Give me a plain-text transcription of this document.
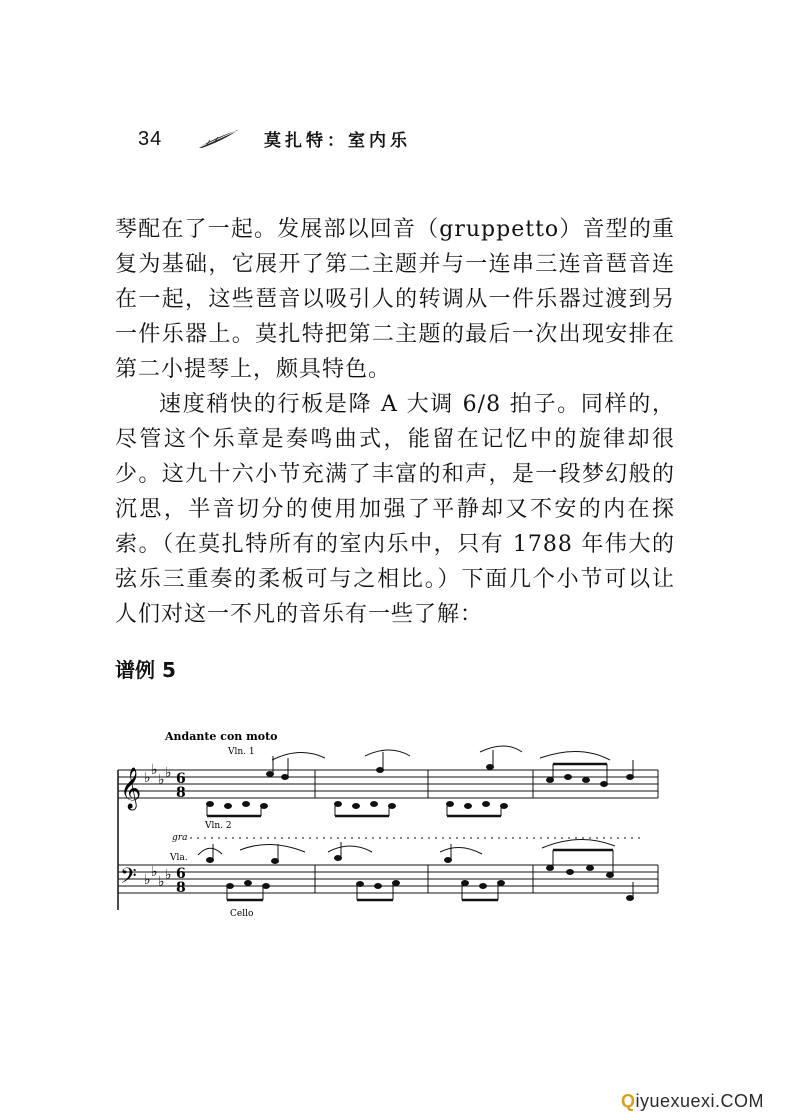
34	莫扎特：室内乐

琴配在了一起。发展部以回音（gruppetto）音型的重复为基础，它展开了第二主题并与一连串三连音琶音连在一起，这些琶音以吸引人的转调从一件乐器过渡到另一件乐器上。莫扎特把第二主题的最后一次出现安排在第二小提琴上，颇具特色。

速度稍快的行板是降 A 大调 6/8 拍子。同样的，尽管这个乐章是奏鸣曲式，能留在记忆中的旋律却很少。这九十六小节充满了丰富的和声，是一段梦幻般的沉思，半音切分的使用加强了平静却又不安的内在探索。（在莫扎特所有的室内乐中，只有 1788 年伟大的弦乐三重奏的柔板可与之相比。）下面几个小节可以让人们对这一不凡的音乐有一些了解：

谱例 5
Andante con moto
Vln. 1
𝄞 ♭ ♭
♭ ♭ 6
8
Vln. 2
gra
Vla.
𝄢 ♭ ♭
♭ ♭ 6
8
Cello
Qiyuexuexi.COM
